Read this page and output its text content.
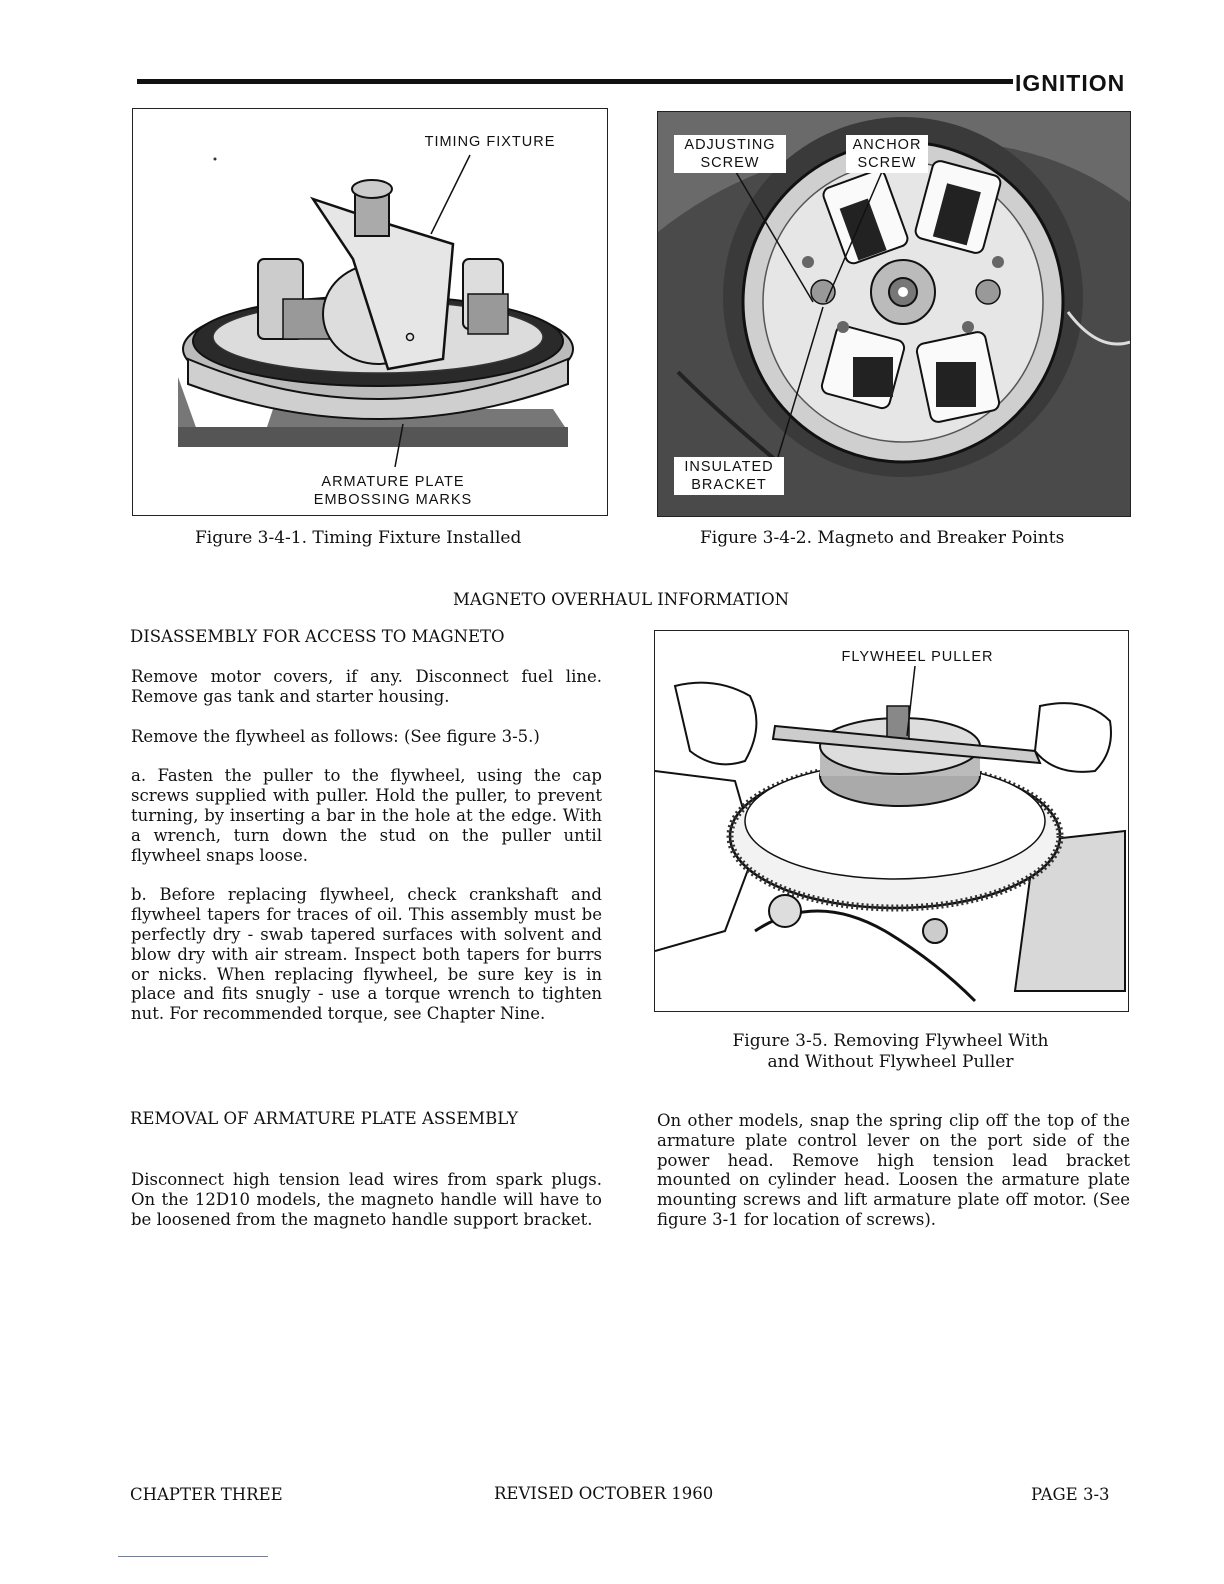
IGNITION
TIMING FIXTURE
ARMATURE PLATE
EMBOSSING MARKS
Figure 3-4-1. Timing Fixture Installed
ADJUSTING
SCREW
ANCHOR
SCREW
INSULATED
BRACKET
Figure 3-4-2. Magneto and Breaker Points
MAGNETO OVERHAUL INFORMATION
DISASSEMBLY FOR ACCESS TO MAGNETO

Remove motor covers, if any. Disconnect fuel line. Remove gas tank and starter housing.

Remove the flywheel as follows: (See figure 3-5.)

a. Fasten the puller to the flywheel, using the cap screws supplied with puller. Hold the puller, to prevent turning, by inserting a bar in the hole at the edge. With a wrench, turn down the stud on the puller until flywheel snaps loose.

b. Before replacing flywheel, check crankshaft and flywheel tapers for traces of oil. This assembly must be perfectly dry - swab tapered surfaces with solvent and blow dry with air stream. Inspect both tapers for burrs or nicks. When replacing flywheel, be sure key is in place and fits snugly - use a torque wrench to tighten nut. For recommended torque, see Chapter Nine.

FLYWHEEL PULLER
Figure 3-5. Removing Flywheel With
and Without Flywheel Puller
REMOVAL OF ARMATURE PLATE ASSEMBLY

Disconnect high tension lead wires from spark plugs. On the 12D10 models, the magneto handle will have to be loosened from the magneto handle support bracket.

On other models, snap the spring clip off the top of the armature plate control lever on the port side of the power head. Remove high tension lead bracket mounted on cylinder head. Loosen the armature plate mounting screws and lift armature plate off motor. (See figure 3-1 for location of screws).

CHAPTER THREE	REVISED OCTOBER 1960	PAGE 3-3
